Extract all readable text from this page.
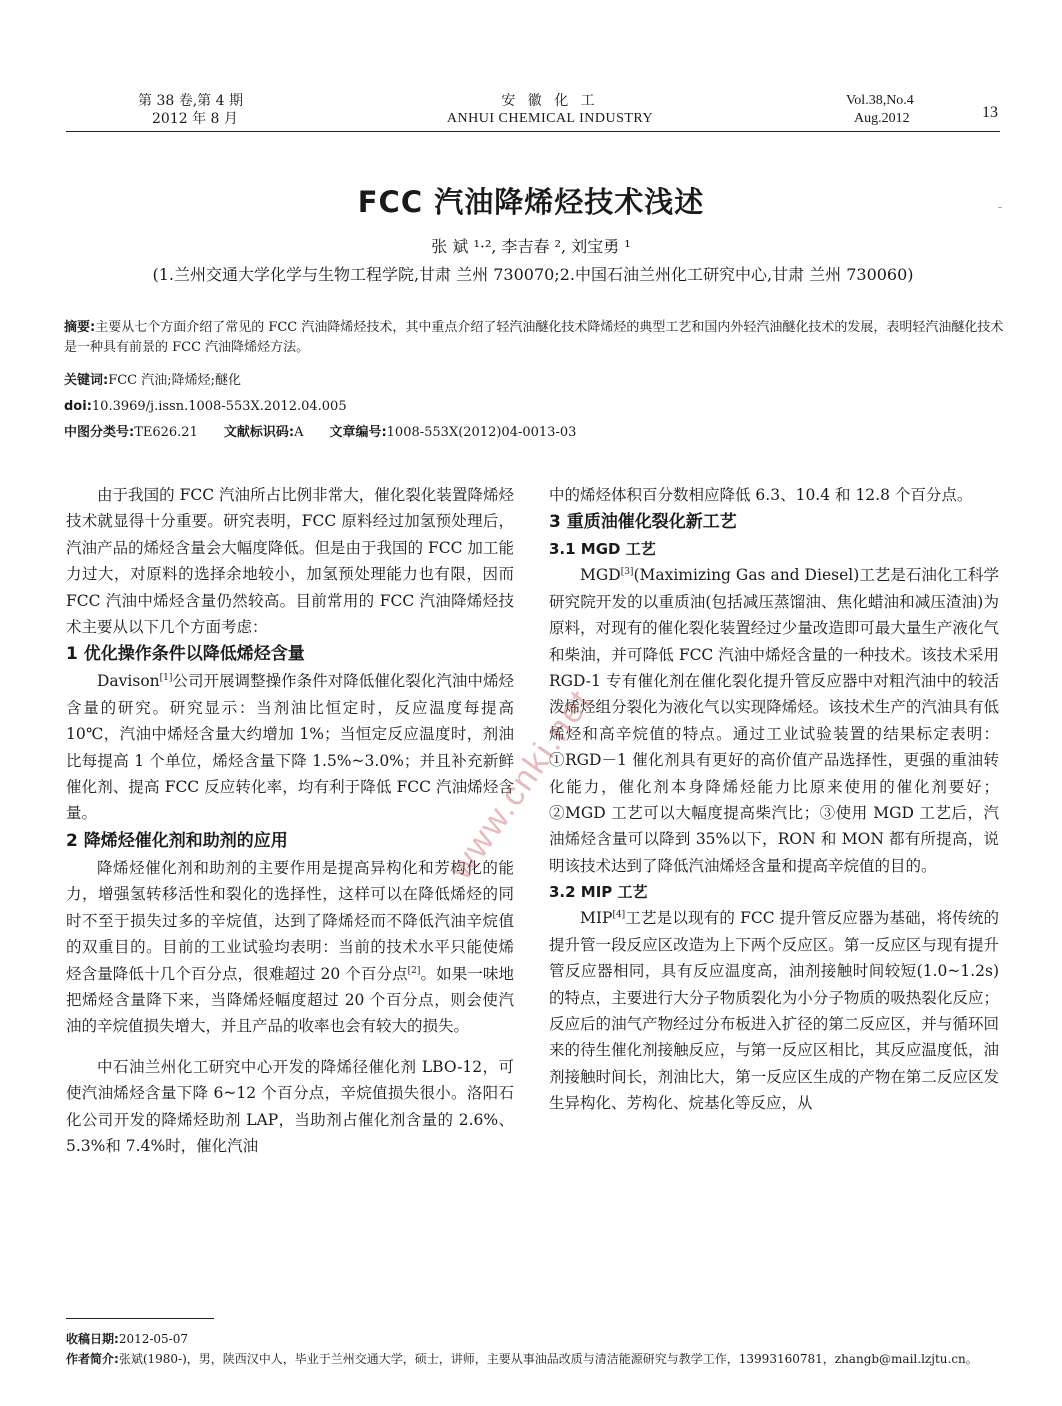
第 38 卷,第 4 期
2012 年 8 月
安 徽 化 工
ANHUI CHEMICAL INDUSTRY
Vol.38,No.4
Aug.2012	13
FCC 汽油降烯烃技术浅述	-
张 斌 ¹·², 李吉春 ², 刘宝勇 ¹
(1.兰州交通大学化学与生物工程学院,甘肃 兰州 730070;2.中国石油兰州化工研究中心,甘肃 兰州 730060)
摘要:主要从七个方面介绍了常见的 FCC 汽油降烯烃技术，其中重点介绍了轻汽油醚化技术降烯烃的典型工艺和国内外轻汽油醚化技术的发展，表明轻汽油醚化技术是一种具有前景的 FCC 汽油降烯烃方法。
关键词:FCC 汽油;降烯烃;醚化
doi:10.3969/j.issn.1008-553X.2012.04.005
中图分类号:TE626.21 文献标识码:A 文章编号:1008-553X(2012)04-0013-03

由于我国的 FCC 汽油所占比例非常大，催化裂化装置降烯烃技术就显得十分重要。研究表明，FCC 原料经过加氢预处理后，汽油产品的烯烃含量会大幅度降低。但是由于我国的 FCC 加工能力过大，对原料的选择余地较小，加氢预处理能力也有限，因而 FCC 汽油中烯烃含量仍然较高。目前常用的 FCC 汽油降烯烃技术主要从以下几个方面考虑：

1 优化操作条件以降低烯烃含量

Davison[1]公司开展调整操作条件对降低催化裂化汽油中烯烃含量的研究。研究显示：当剂油比恒定时，反应温度每提高 10℃，汽油中烯烃含量大约增加 1%；当恒定反应温度时，剂油比每提高 1 个单位，烯烃含量下降 1.5%~3.0%；并且补充新鲜催化剂、提高 FCC 反应转化率，均有利于降低 FCC 汽油烯烃含量。

2 降烯烃催化剂和助剂的应用

降烯烃催化剂和助剂的主要作用是提高异构化和芳构化的能力，增强氢转移活性和裂化的选择性，这样可以在降低烯烃的同时不至于损失过多的辛烷值，达到了降烯烃而不降低汽油辛烷值的双重目的。目前的工业试验均表明：当前的技术水平只能使烯烃含量降低十几个百分点，很难超过 20 个百分点[2]。如果一味地把烯烃含量降下来，当降烯烃幅度超过 20 个百分点，则会使汽油的辛烷值损失增大，并且产品的收率也会有较大的损失。

中石油兰州化工研究中心开发的降烯径催化剂 LBO-12，可使汽油烯烃含量下降 6~12 个百分点，辛烷值损失很小。洛阳石化公司开发的降烯烃助剂 LAP，当助剂占催化剂含量的 2.6%、5.3%和 7.4%时，催化汽油

中的烯烃体积百分数相应降低 6.3、10.4 和 12.8 个百分点。

3 重质油催化裂化新工艺
3.1 MGD 工艺

MGD[3](Maximizing Gas and Diesel)工艺是石油化工科学研究院开发的以重质油(包括减压蒸馏油、焦化蜡油和减压渣油)为原料，对现有的催化裂化装置经过少量改造即可最大量生产液化气和柴油，并可降低 FCC 汽油中烯烃含量的一种技术。该技术采用 RGD-1 专有催化剂在催化裂化提升管反应器中对粗汽油中的较活泼烯烃组分裂化为液化气以实现降烯烃。该技术生产的汽油具有低烯烃和高辛烷值的特点。通过工业试验装置的结果标定表明：①RGD－1 催化剂具有更好的高价值产品选择性，更强的重油转化能力，催化剂本身降烯烃能力比原来使用的催化剂要好；②MGD 工艺可以大幅度提高柴汽比；③使用 MGD 工艺后，汽油烯烃含量可以降到 35%以下，RON 和 MON 都有所提高，说明该技术达到了降低汽油烯烃含量和提高辛烷值的目的。

3.2 MIP 工艺

MIP[4]工艺是以现有的 FCC 提升管反应器为基础，将传统的提升管一段反应区改造为上下两个反应区。第一反应区与现有提升管反应器相同，具有反应温度高，油剂接触时间较短(1.0~1.2s)的特点，主要进行大分子物质裂化为小分子物质的吸热裂化反应；反应后的油气产物经过分布板进入扩径的第二反应区，并与循环回来的待生催化剂接触反应，与第一反应区相比，其反应温度低，油剂接触时间长，剂油比大，第一反应区生成的产物在第二反应区发生异构化、芳构化、烷基化等反应，从

www.cnki.net
收稿日期:2012-05-07
作者简介:张斌(1980-)，男，陕西汉中人，毕业于兰州交通大学，硕士，讲师，主要从事油品改质与清洁能源研究与教学工作，13993160781，zhangb@mail.lzjtu.cn。
